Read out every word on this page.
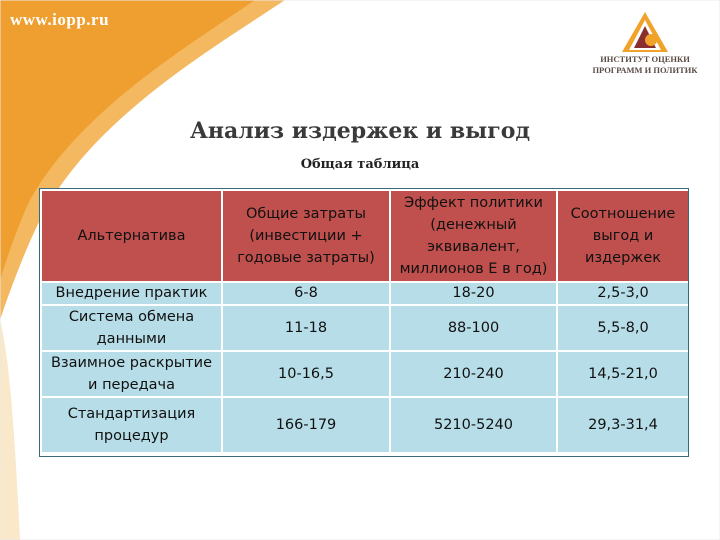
www.iopp.ru
ИНСТИТУТ ОЦЕНКИ
ПРОГРАММ И ПОЛИТИК
Анализ издержек и выгод
Общая таблица
Альтернатива	Общие затраты (инвестиции + годовые затраты)	Эффект политики (денежный эквивалент, миллионов Е в год)	Соотношение выгод и издержек
Внедрение практик	6-8	18-20	2,5-3,0
Система обмена данными	11-18	88-100	5,5-8,0
Взаимное раскрытие и передача	10-16,5	210-240	14,5-21,0
Стандартизация процедур	166-179	5210-5240	29,3-31,4
